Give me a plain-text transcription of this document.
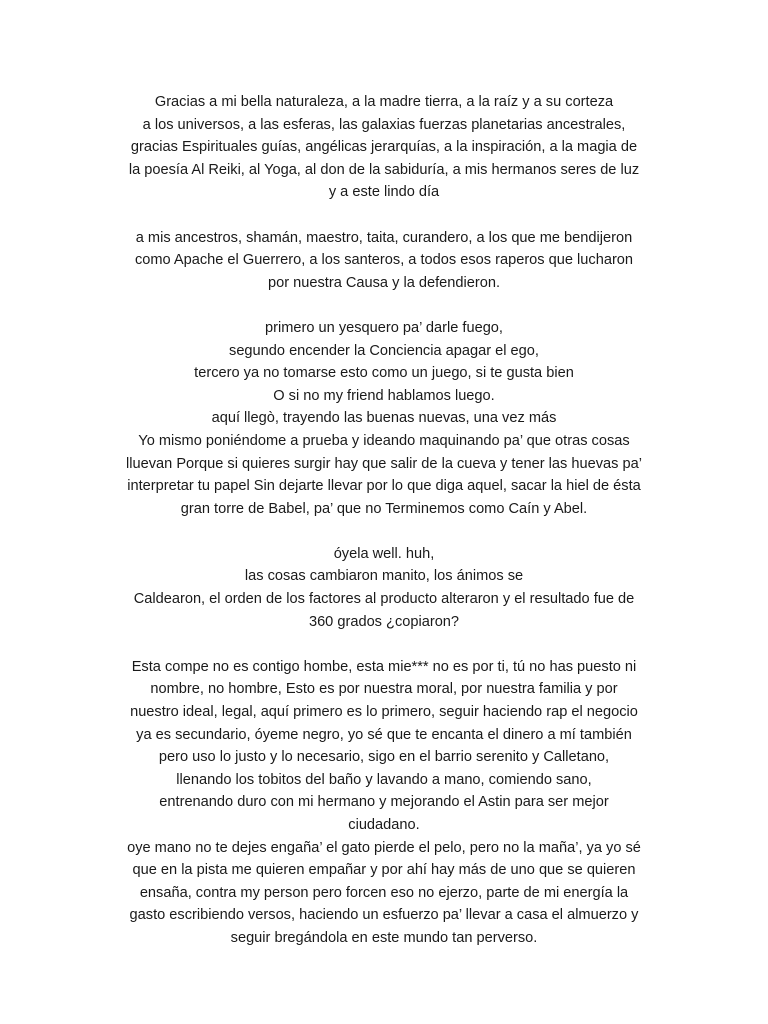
Gracias a mi bella naturaleza, a la madre tierra, a la raíz y a su corteza
a los universos, a las esferas, las galaxias fuerzas planetarias ancestrales,
gracias Espirituales guías, angélicas jerarquías, a la inspiración, a la magia de
la poesía Al Reiki, al Yoga, al don de la sabiduría, a mis hermanos seres de luz
y a este lindo día
a mis ancestros, shamán, maestro, taita, curandero, a los que me bendijeron
como Apache el Guerrero, a los santeros, a todos esos raperos que lucharon
por nuestra Causa y la defendieron.
primero un yesquero pa’ darle fuego,
segundo encender la Conciencia apagar el ego,
tercero ya no tomarse esto como un juego, si te gusta bien
O si no my friend hablamos luego.
aquí llegò, trayendo las buenas nuevas, una vez más
Yo mismo poniéndome a prueba y ideando maquinando pa’ que otras cosas
lluevan Porque si quieres surgir hay que salir de la cueva y tener las huevas pa’
interpretar tu papel Sin dejarte llevar por lo que diga aquel, sacar la hiel de ésta
gran torre de Babel, pa’ que no Terminemos como Caín y Abel.
óyela well. huh,
las cosas cambiaron manito, los ánimos se
Caldearon, el orden de los factores al producto alteraron y el resultado fue de
360 grados ¿copiaron?
Esta compe no es contigo hombe, esta mie*** no es por ti, tú no has puesto ni
nombre, no hombre, Esto es por nuestra moral, por nuestra familia y por
nuestro ideal, legal, aquí primero es lo primero, seguir haciendo rap el negocio
ya es secundario, óyeme negro, yo sé que te encanta el dinero a mí también
pero uso lo justo y lo necesario, sigo en el barrio serenito y Calletano,
llenando los tobitos del baño y lavando a mano, comiendo sano,
entrenando duro con mi hermano y mejorando el Astin para ser mejor
ciudadano.
oye mano no te dejes engaña’ el gato pierde el pelo, pero no la maña’, ya yo sé
que en la pista me quieren empañar y por ahí hay más de uno que se quieren
ensaña, contra my person pero forcen eso no ejerzo, parte de mi energía la
gasto escribiendo versos, haciendo un esfuerzo pa’ llevar a casa el almuerzo y
seguir bregándola en este mundo tan perverso.
